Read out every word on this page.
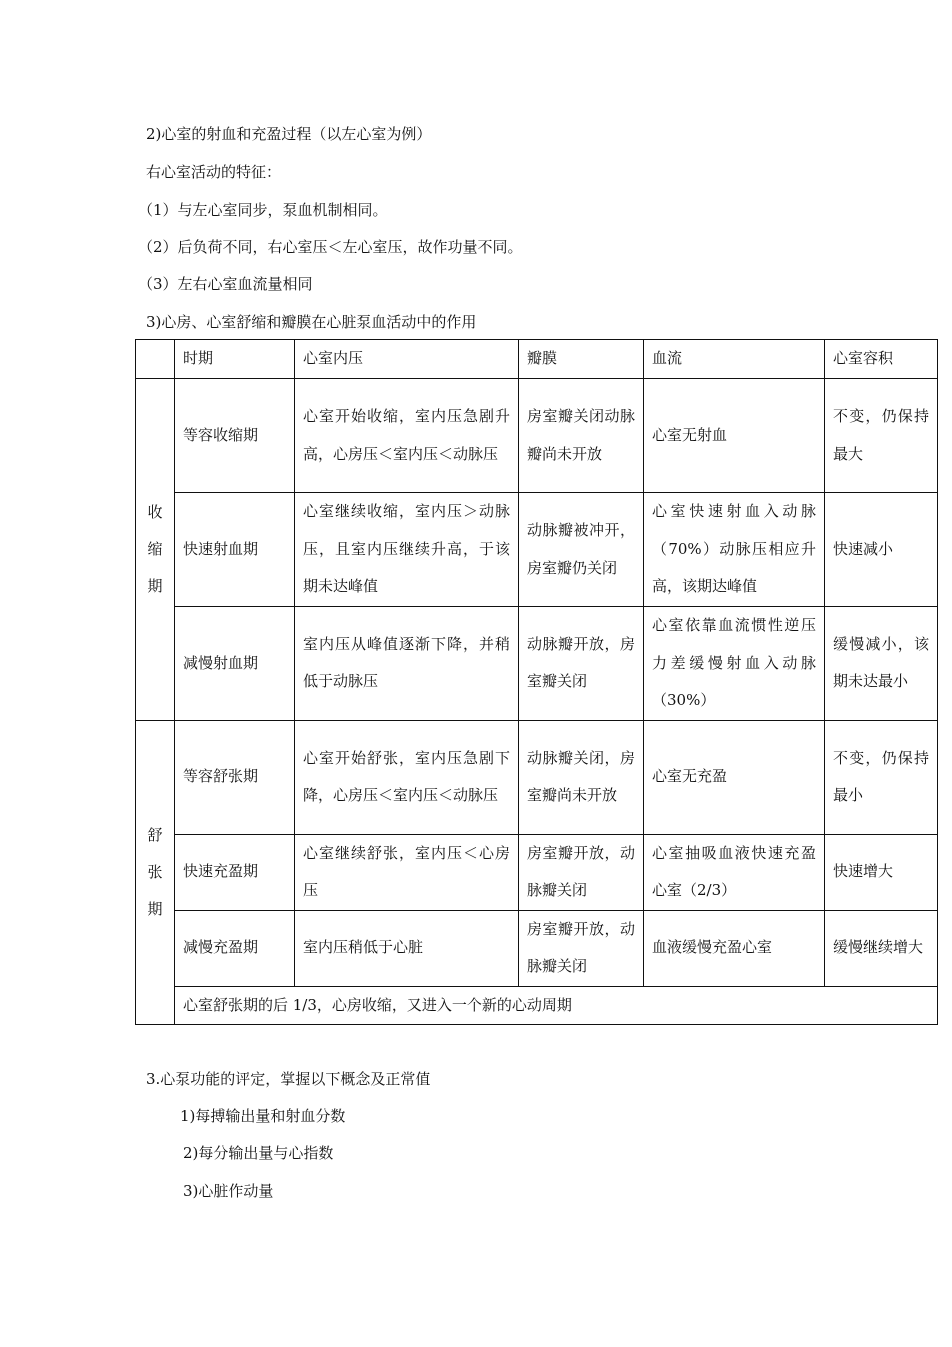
2)心室的射血和充盈过程（以左心室为例）
右心室活动的特征：
（1）与左心室同步，泵血机制相同。
（2）后负荷不同，右心室压＜左心室压，故作功量不同。
（3）左右心室血流量相同
3)心房、心室舒缩和瓣膜在心脏泵血活动中的作用
	时期	心室内压	瓣膜	血流	心室容积

收
缩
期	等容收缩期	心室开始收缩，室内压急剧升高，心房压＜室内压＜动脉压	房室瓣关闭动脉瓣尚未开放	心室无射血	不变，仍保持最大
	快速射血期	心室继续收缩，室内压＞动脉压，且室内压继续升高，于该期未达峰值	动脉瓣被冲开，房室瓣仍关闭	心室快速射血入动脉（70%）动脉压相应升高，该期达峰值	快速减小
	减慢射血期	室内压从峰值逐渐下降，并稍低于动脉压	动脉瓣开放，房室瓣关闭	心室依靠血流惯性逆压力差缓慢射血入动脉（30%）	缓慢减小，该期未达最小

舒
张
期	等容舒张期	心室开始舒张，室内压急剧下降，心房压＜室内压＜动脉压	动脉瓣关闭，房室瓣尚未开放	心室无充盈	不变，仍保持最小
	快速充盈期	心室继续舒张，室内压＜心房压	房室瓣开放，动脉瓣关闭	心室抽吸血液快速充盈心室（2/3）	快速增大
	减慢充盈期	室内压稍低于心脏	房室瓣开放，动脉瓣关闭	血液缓慢充盈心室	缓慢继续增大
	心室舒张期的后 1/3，心房收缩，又进入一个新的心动周期				
3.心泵功能的评定，掌握以下概念及正常值
1)每搏输出量和射血分数
2)每分输出量与心指数
3)心脏作动量
